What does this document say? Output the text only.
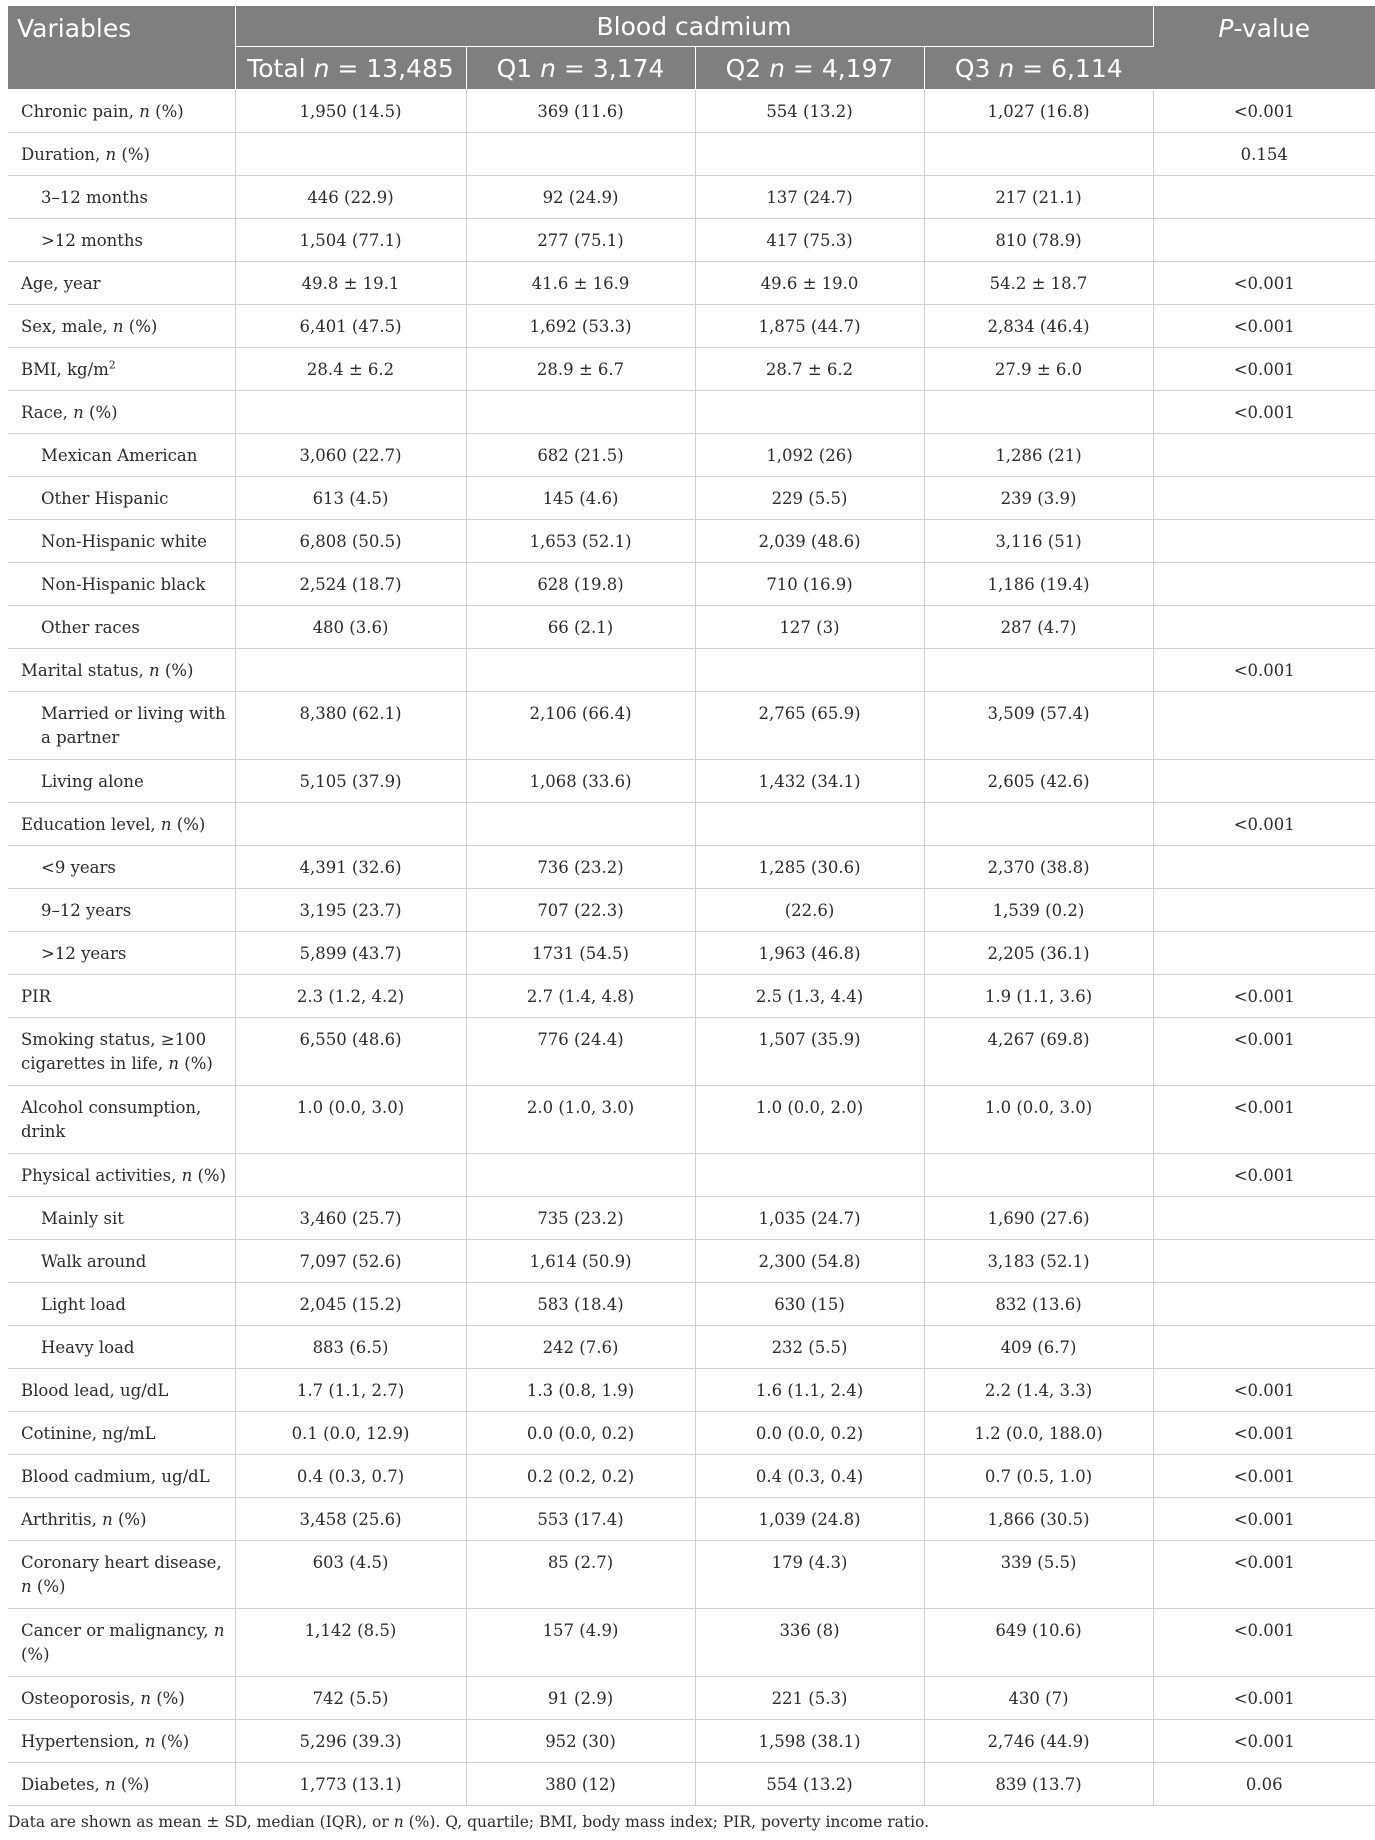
Variables	Blood cadmium				P-value
	Total n = 13,485	Q1 n = 3,174	Q2 n = 4,197	Q3 n = 6,114	

Chronic pain, n (%)	1,950 (14.5)	369 (11.6)	554 (13.2)	1,027 (16.8)	<0.001

Duration, n (%)					0.154

3–12 months	446 (22.9)	92 (24.9)	137 (24.7)	217 (21.1)	

>12 months	1,504 (77.1)	277 (75.1)	417 (75.3)	810 (78.9)	

Age, year	49.8 ± 19.1	41.6 ± 16.9	49.6 ± 19.0	54.2 ± 18.7	<0.001

Sex, male, n (%)	6,401 (47.5)	1,692 (53.3)	1,875 (44.7)	2,834 (46.4)	<0.001

BMI, $kg/m^2$	28.4 ± 6.2	28.9 ± 6.7	28.7 ± 6.2	27.9 ± 6.0	<0.001

Race, n (%)					<0.001

Mexican American	3,060 (22.7)	682 (21.5)	1,092 (26)	1,286 (21)	

Other Hispanic	613 (4.5)	145 (4.6)	229 (5.5)	239 (3.9)	

Non-Hispanic white	6,808 (50.5)	1,653 (52.1)	2,039 (48.6)	3,116 (51)	

Non-Hispanic black	2,524 (18.7)	628 (19.8)	710 (16.9)	1,186 (19.4)	

Other races	480 (3.6)	66 (2.1)	127 (3)	287 (4.7)	

Marital status, n (%)					<0.001

Married or living with a partner	8,380 (62.1)	2,106 (66.4)	2,765 (65.9)	3,509 (57.4)	

Living alone	5,105 (37.9)	1,068 (33.6)	1,432 (34.1)	2,605 (42.6)	

Education level, n (%)					<0.001

<9 years	4,391 (32.6)	736 (23.2)	1,285 (30.6)	2,370 (38.8)	

9–12 years	3,195 (23.7)	707 (22.3)	(22.6)	1,539 (0.2)	

>12 years	5,899 (43.7)	1731 (54.5)	1,963 (46.8)	2,205 (36.1)	

PIR	2.3 (1.2, 4.2)	2.7 (1.4, 4.8)	2.5 (1.3, 4.4)	1.9 (1.1, 3.6)	<0.001

Smoking status, ≥100 cigarettes in life, n (%)	6,550 (48.6)	776 (24.4)	1,507 (35.9)	4,267 (69.8)	<0.001

Alcohol consumption, drink	1.0 (0.0, 3.0)	2.0 (1.0, 3.0)	1.0 (0.0, 2.0)	1.0 (0.0, 3.0)	<0.001

Physical activities, n (%)					<0.001

Mainly sit	3,460 (25.7)	735 (23.2)	1,035 (24.7)	1,690 (27.6)	

Walk around	7,097 (52.6)	1,614 (50.9)	2,300 (54.8)	3,183 (52.1)	

Light load	2,045 (15.2)	583 (18.4)	630 (15)	832 (13.6)	

Heavy load	883 (6.5)	242 (7.6)	232 (5.5)	409 (6.7)	

Blood lead, ug/dL	1.7 (1.1, 2.7)	1.3 (0.8, 1.9)	1.6 (1.1, 2.4)	2.2 (1.4, 3.3)	<0.001

Cotinine, ng/mL	0.1 (0.0, 12.9)	0.0 (0.0, 0.2)	0.0 (0.0, 0.2)	1.2 (0.0, 188.0)	<0.001

Blood cadmium, ug/dL	0.4 (0.3, 0.7)	0.2 (0.2, 0.2)	0.4 (0.3, 0.4)	0.7 (0.5, 1.0)	<0.001

Arthritis, n (%)	3,458 (25.6)	553 (17.4)	1,039 (24.8)	1,866 (30.5)	<0.001

Coronary heart disease, n (%)	603 (4.5)	85 (2.7)	179 (4.3)	339 (5.5)	<0.001

Cancer or malignancy, n (%)	1,142 (8.5)	157 (4.9)	336 (8)	649 (10.6)	<0.001

Osteoporosis, n (%)	742 (5.5)	91 (2.9)	221 (5.3)	430 (7)	<0.001

Hypertension, n (%)	5,296 (39.3)	952 (30)	1,598 (38.1)	2,746 (44.9)	<0.001

Diabetes, n (%)	1,773 (13.1)	380 (12)	554 (13.2)	839 (13.7)	0.06
Data are shown as mean ± SD, median (IQR), or n (%). Q, quartile; BMI, body mass index; PIR, poverty income ratio.
